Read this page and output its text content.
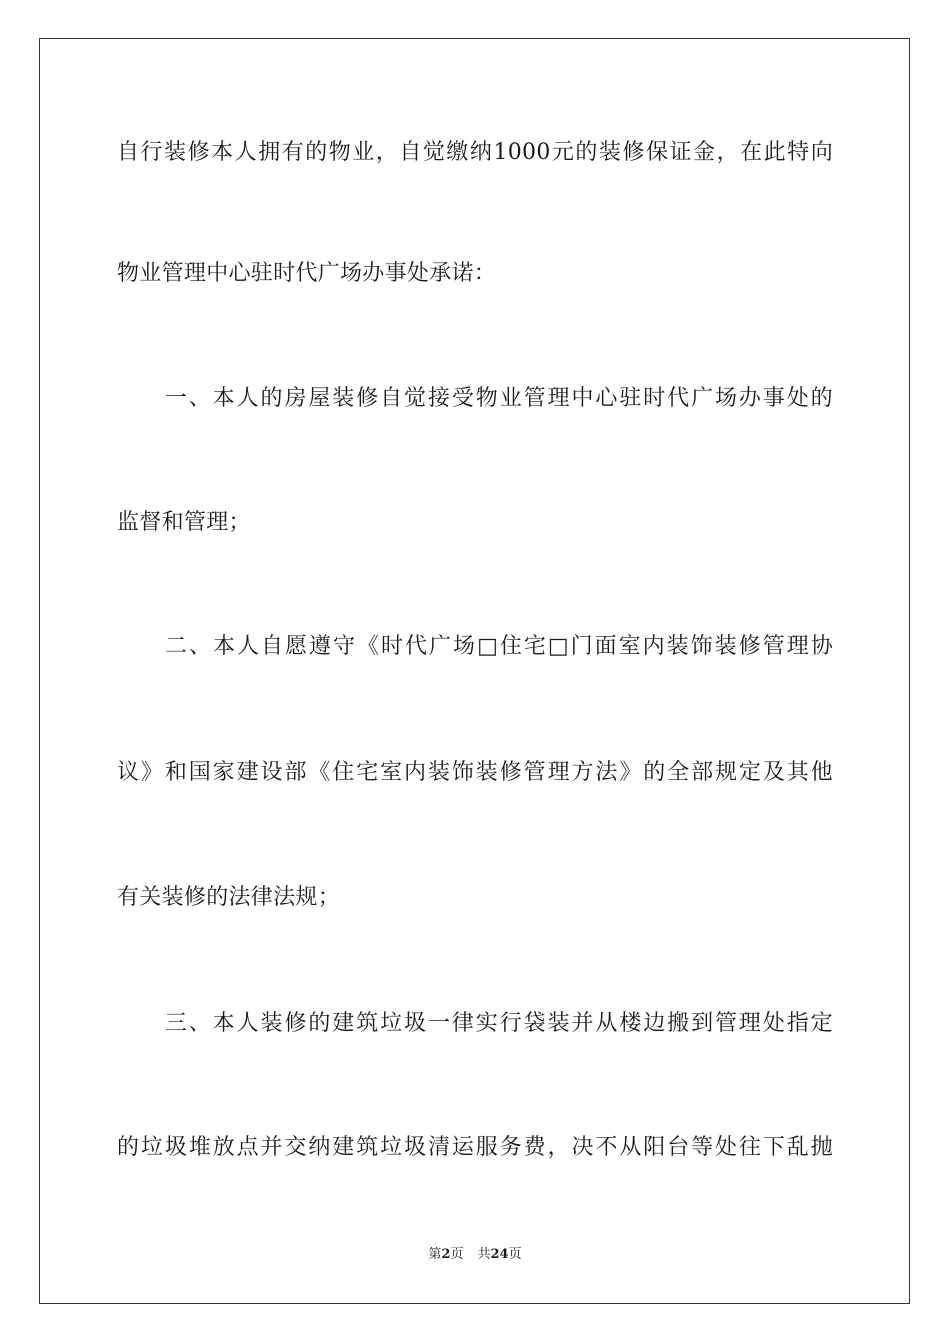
自行装修本人拥有的物业，自觉缴纳1000元的装修保证金，在此特向
物业管理中心驻时代广场办事处承诺：
　　一、本人的房屋装修自觉接受物业管理中心驻时代广场办事处的
监督和管理；
　　二、本人自愿遵守《时代广场□住宅□门面室内装饰装修管理协
议》和国家建设部《住宅室内装饰装修管理方法》的全部规定及其他
有关装修的法律法规；
　　三、本人装修的建筑垃圾一律实行袋装并从楼边搬到管理处指定
的垃圾堆放点并交纳建筑垃圾清运服务费，决不从阳台等处往下乱抛
第2页 共24页
